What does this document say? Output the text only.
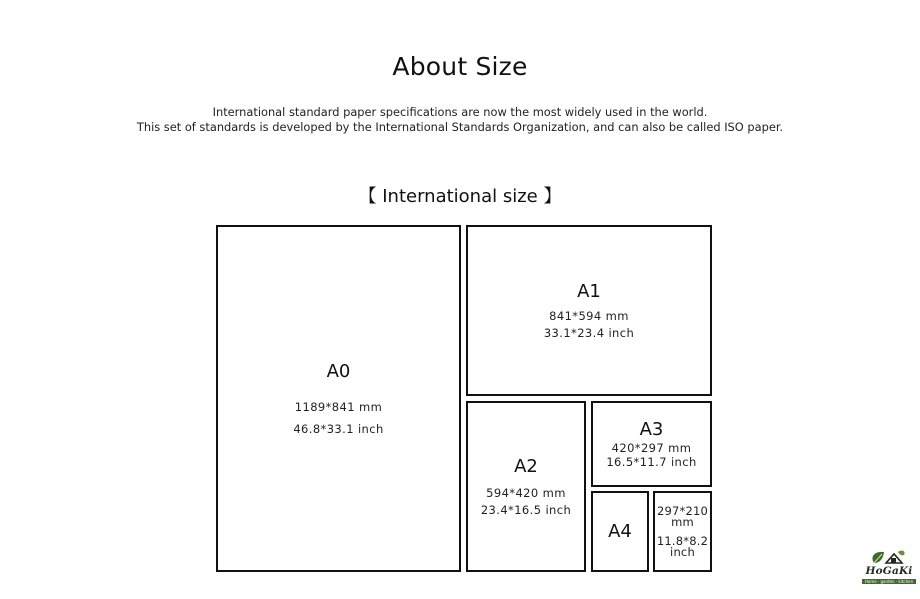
About Size
International standard paper specifications are now the most widely used in the world.
This set of standards is developed by the International Standards Organization, and can also be called ISO paper.
【 International size 】
A0
1189*841 mm
46.8*33.1 inch
A1
841*594 mm
33.1*23.4 inch
A2
594*420 mm
23.4*16.5 inch
A3
420*297 mm
16.5*11.7 inch
A4
297*210 mm
11.8*8.2 inch
HoGaKi
Home · garden · kitchen
